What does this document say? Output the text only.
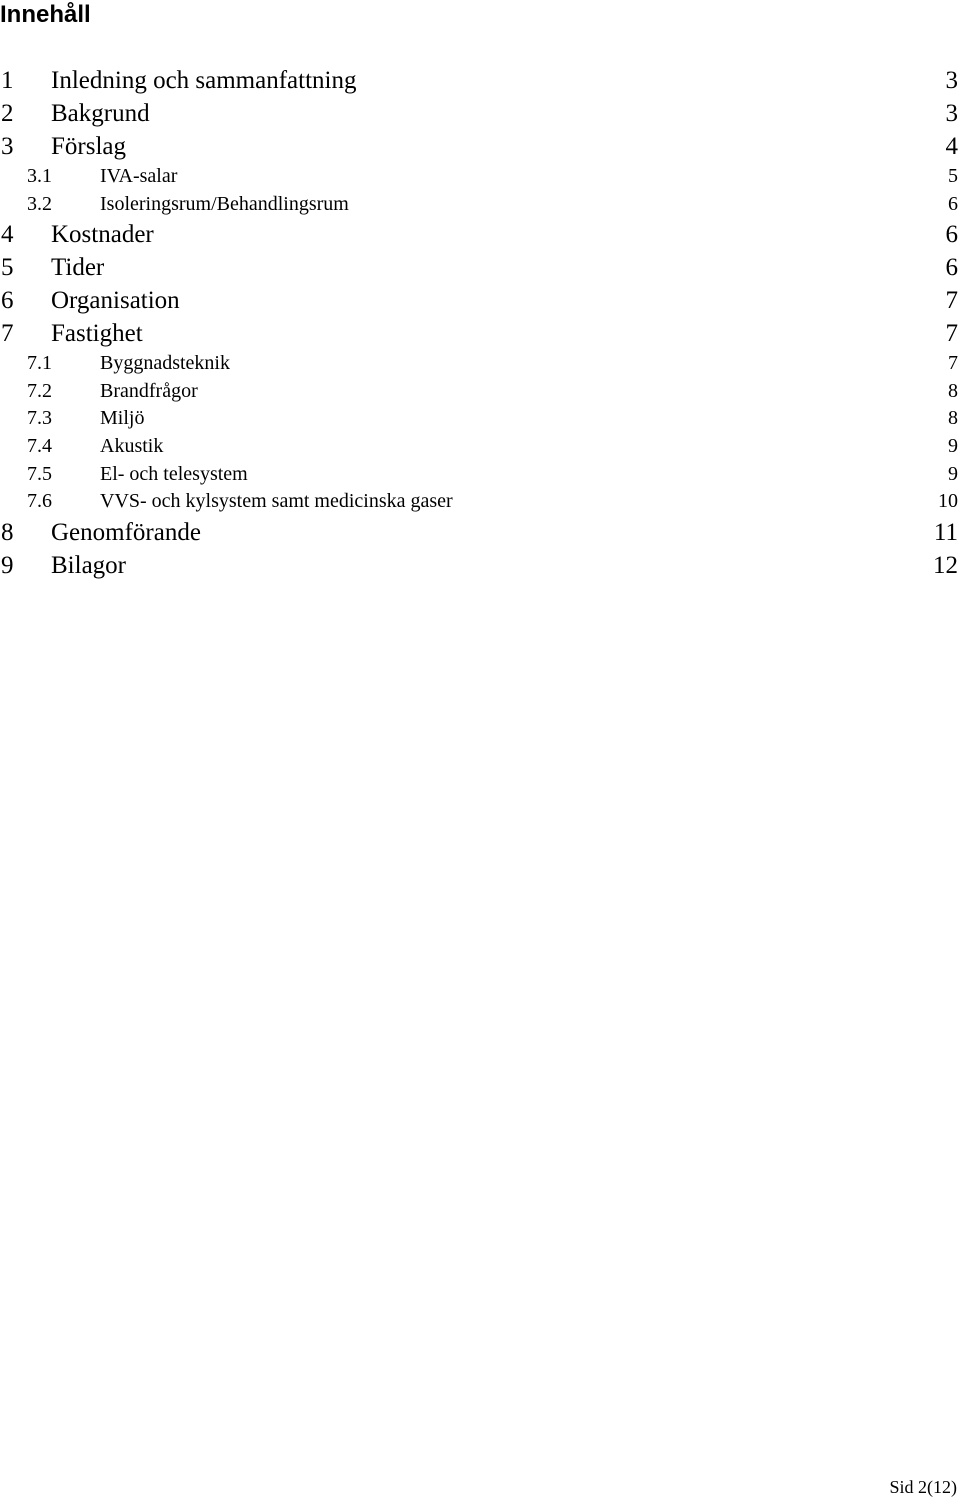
Innehåll
1 Inledning och sammanfattning	3
2 Bakgrund	3
3 Förslag	4
3.1 IVA-salar	5
3.2 Isoleringsrum/Behandlingsrum	6
4 Kostnader	6
5 Tider	6
6 Organisation	7
7 Fastighet	7
7.1 Byggnadsteknik	7
7.2 Brandfrågor	8
7.3 Miljö	8
7.4 Akustik	9
7.5 El- och telesystem	9
7.6 VVS- och kylsystem samt medicinska gaser	10
8 Genomförande	11
9 Bilagor	12
Sid 2(12)
